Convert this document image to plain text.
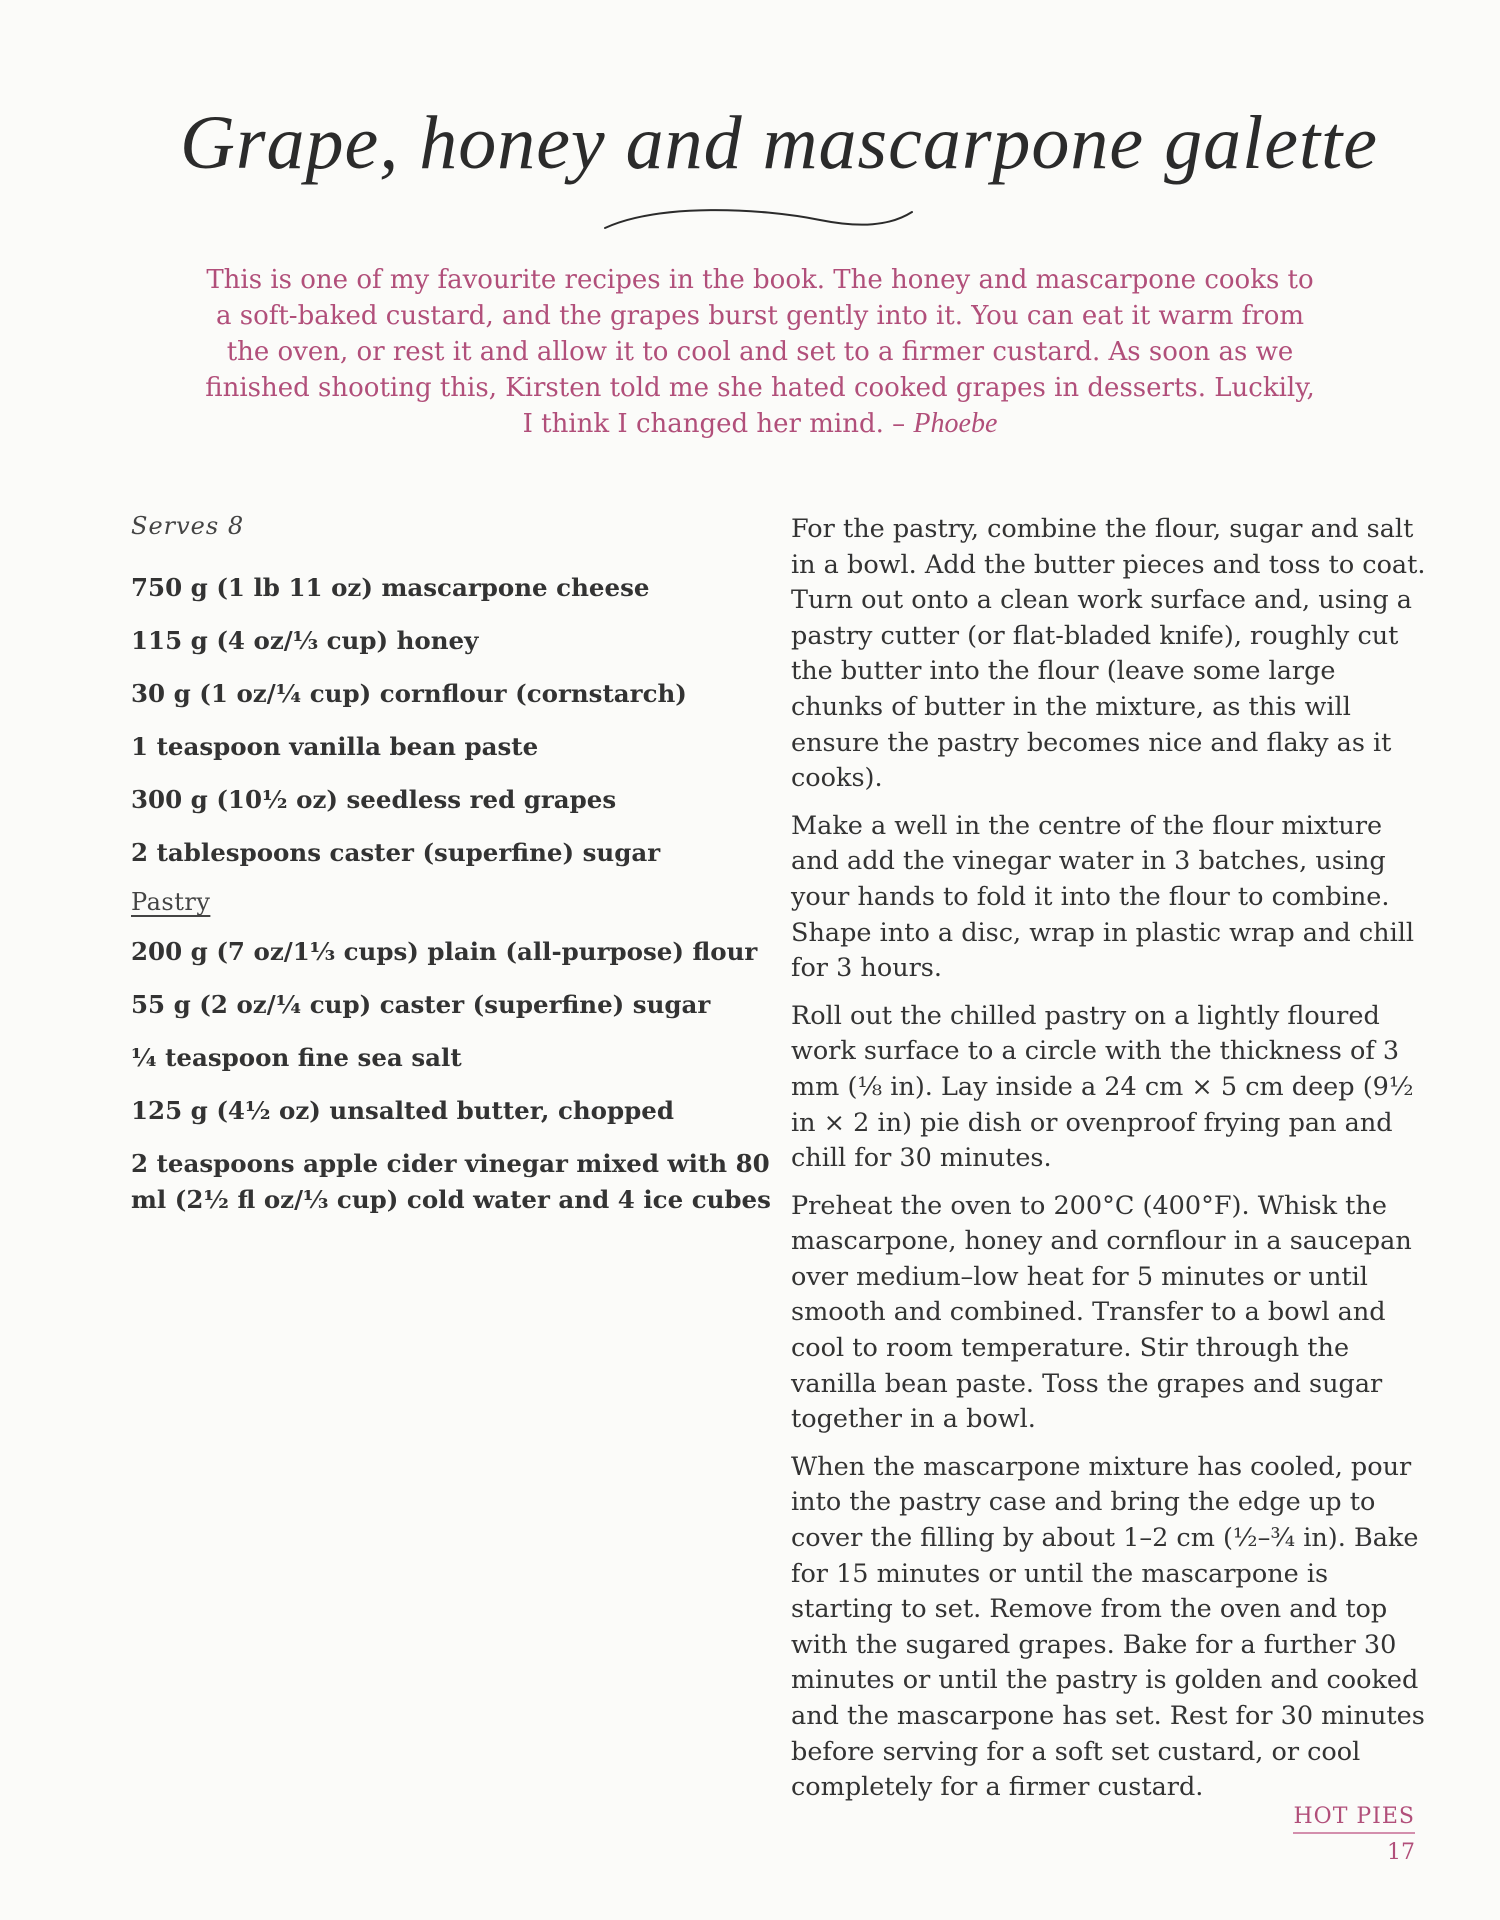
Grape, honey and mascarpone galette
This is one of my favourite recipes in the book. The honey and mascarpone cooks to a soft-baked custard, and the grapes burst gently into it. You can eat it warm from the oven, or rest it and allow it to cool and set to a firmer custard. As soon as we finished shooting this, Kirsten told me she hated cooked grapes in desserts. Luckily, I think I changed her mind. – Phoebe
Serves 8
750 g (1 lb 11 oz) mascarpone cheese
115 g (4 oz/⅓ cup) honey
30 g (1 oz/¼ cup) cornflour (cornstarch)
1 teaspoon vanilla bean paste
300 g (10½ oz) seedless red grapes
2 tablespoons caster (superfine) sugar
Pastry
200 g (7 oz/1⅓ cups) plain (all-purpose) flour
55 g (2 oz/¼ cup) caster (superfine) sugar
¼ teaspoon fine sea salt
125 g (4½ oz) unsalted butter, chopped
2 teaspoons apple cider vinegar mixed with 80 ml (2½ fl oz/⅓ cup) cold water and 4 ice cubes

For the pastry, combine the flour, sugar and salt in a bowl. Add the butter pieces and toss to coat. Turn out onto a clean work surface and, using a pastry cutter (or flat-bladed knife), roughly cut the butter into the flour (leave some large chunks of butter in the mixture, as this will ensure the pastry becomes nice and flaky as it cooks).

Make a well in the centre of the flour mixture and add the vinegar water in 3 batches, using your hands to fold it into the flour to combine. Shape into a disc, wrap in plastic wrap and chill for 3 hours.

Roll out the chilled pastry on a lightly floured work surface to a circle with the thickness of 3 mm (⅛ in). Lay inside a 24 cm × 5 cm deep (9½ in × 2 in) pie dish or ovenproof frying pan and chill for 30 minutes.

Preheat the oven to 200°C (400°F). Whisk the mascarpone, honey and cornflour in a saucepan over medium–low heat for 5 minutes or until smooth and combined. Transfer to a bowl and cool to room temperature. Stir through the vanilla bean paste. Toss the grapes and sugar together in a bowl.

When the mascarpone mixture has cooled, pour into the pastry case and bring the edge up to cover the filling by about 1–2 cm (½–¾ in). Bake for 15 minutes or until the mascarpone is starting to set. Remove from the oven and top with the sugared grapes. Bake for a further 30 minutes or until the pastry is golden and cooked and the mascarpone has set. Rest for 30 minutes before serving for a soft set custard, or cool completely for a firmer custard.

HOT PIES
17
